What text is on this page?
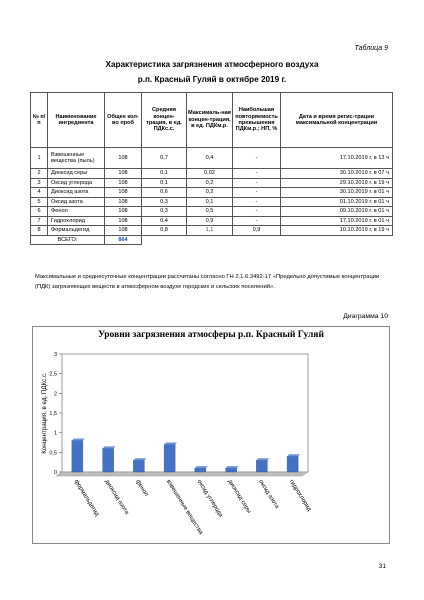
Таблица 9
Характеристика загрязнения атмосферного воздуха
р.п. Красный Гуляй в октябре 2019 г.
№ п/п	Наименование ингредиента	Общее кол-во проб	Средняя концен-трация, в ед. ПДКс.с.	Максималь-ная концен-трация, в ед. ПДКм.р.	Наибольшая повторяемость превышения ПДКм.р.; НП, %	Дата и время регис-трации максимальной концентрации
1	Взвешенные вещества (пыль)	108	0,7	0,4	-	17.10.2019 г. в 13 ч
2	Диоксид серы	108	0,1	0,02	-	30.10.2019 г. в 07 ч
3	Оксид углерода	108	0,1	0,2	-	29.10.2019 г. в 19 ч
4	Диоксид азота	108	0,6	0,2	-	30.10.2019 г. в 01 ч
5	Оксид азота	108	0,3	0,1	-	01.10.2019 г. в 01 ч
6	Фенол	108	0,3	0,5	-	09.10.2019 г. в 01 ч
7	Гидрохлорид	108	0,4	0,9	-	17.10.2019 г. в 01 ч
8	Формальдегид	108	0,8	1,1	0,9	10.10.2019 г. в 19 ч
ВСЕГО:		864				
Максимальные и среднесуточные концентрации рассчитаны согласно ГН 2.1.6.3492-17 «Предельно допустимые концентрации (ПДК) загрязняющих веществ в атмосферном воздухе городских и сельских поселений».
Диаграмма 10
Уровни загрязнения атмосферы р.п. Красный Гуляй
0
0,5
1
1,5
2
2,5
3
Концентрация, в ед. ПДКс.с.
формальдегид диоксид азота фенол	взвешенные вещества
оксид углерода диоксид серы оксид азота гидрохлорид
31
